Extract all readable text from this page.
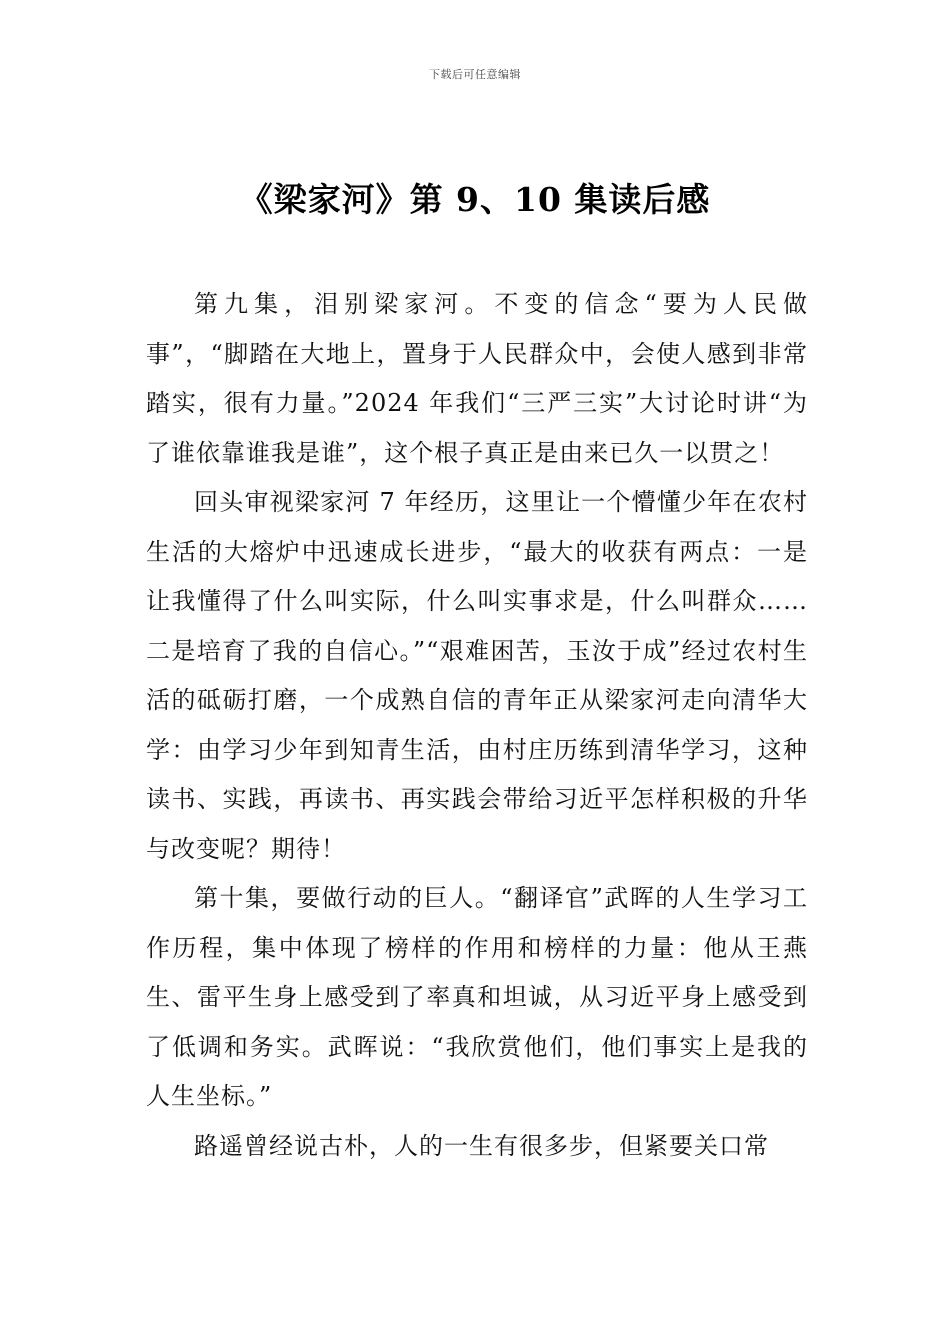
下载后可任意编辑
《梁家河》第 9、10 集读后感

第九集，泪别梁家河。不变的信念“要为人民做事”，“脚踏在大地上，置身于人民群众中，会使人感到非常踏实，很有力量。”2024 年我们“三严三实”大讨论时讲“为了谁依靠谁我是谁”，这个根子真正是由来已久一以贯之！

回头审视梁家河 7 年经历，这里让一个懵懂少年在农村生活的大熔炉中迅速成长进步，“最大的收获有两点：一是让我懂得了什么叫实际，什么叫实事求是，什么叫群众……二是培育了我的自信心。”“艰难困苦，玉汝于成”经过农村生活的砥砺打磨，一个成熟自信的青年正从梁家河走向清华大学：由学习少年到知青生活，由村庄历练到清华学习，这种读书、实践，再读书、再实践会带给习近平怎样积极的升华与改变呢？期待！

第十集，要做行动的巨人。“翻译官”武晖的人生学习工作历程，集中体现了榜样的作用和榜样的力量：他从王燕生、雷平生身上感受到了率真和坦诚，从习近平身上感受到了低调和务实。武晖说：“我欣赏他们，他们事实上是我的人生坐标。”

路遥曾经说古朴，人的一生有很多步，但紧要关口常
